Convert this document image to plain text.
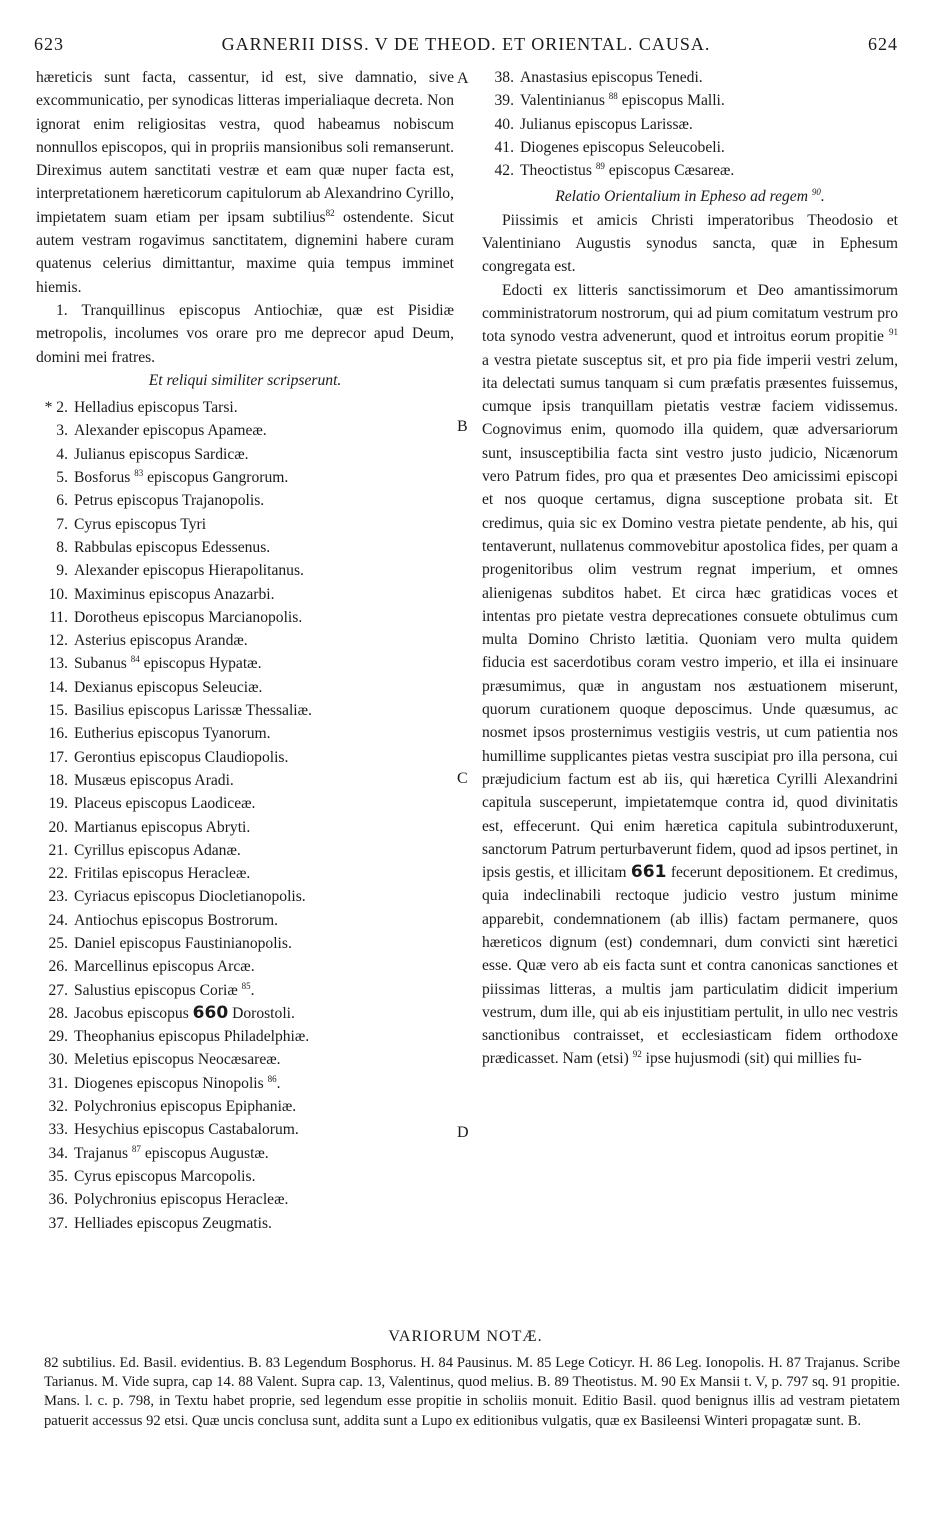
623	GARNERII DISS. V DE THEOD. ET ORIENTAL. CAUSA.	624
A
B
C
D

hæreticis sunt facta, cassentur, id est, sive damnatio, sive excommunicatio, per synodicas litteras imperialiaque decreta. Non ignorat enim religiositas vestra, quod habeamus nobiscum nonnullos episcopos, qui in propriis mansionibus soli remanserunt. Direximus autem sanctitati vestræ et eam quæ nuper facta est, interpretationem hæreticorum capitulorum ab Alexandrino Cyrillo, impietatem suam etiam per ipsam subtilius$^{82}$ ostendente. Sicut autem vestram rogavimus sanctitatem, dignemini habere curam quatenus celerius dimittantur, maxime quia tempus imminet hiemis.

1. Tranquillinus episcopus Antiochiæ, quæ est Pisidiæ metropolis, incolumes vos orare pro me deprecor apud Deum, domini mei fratres.

Et reliqui similiter scripserunt.

* 2. Helladius episcopus Tarsi.
3. Alexander episcopus Apameæ.
4. Julianus episcopus Sardicæ.
5. Bosforus $^{83}$ episcopus Gangrorum.
6. Petrus episcopus Trajanopolis.
7. Cyrus episcopus Tyri
8. Rabbulas episcopus Edessenus.
9. Alexander episcopus Hierapolitanus.
10. Maximinus episcopus Anazarbi.
11. Dorotheus episcopus Marcianopolis.
12. Asterius episcopus Arandæ.
13. Subanus $^{84}$ episcopus Hypatæ.
14. Dexianus episcopus Seleuciæ.
15. Basilius episcopus Larissæ Thessaliæ.
16. Eutherius episcopus Tyanorum.
17. Gerontius episcopus Claudiopolis.
18. Musæus episcopus Aradi.
19. Placeus episcopus Laodiceæ.
20. Martianus episcopus Abryti.
21. Cyrillus episcopus Adanæ.
22. Fritilas episcopus Heracleæ.
23. Cyriacus episcopus Diocletianopolis.
24. Antiochus episcopus Bostrorum.
25. Daniel episcopus Faustinianopolis.
26. Marcellinus episcopus Arcæ.
27. Salustius episcopus Coriæ $^{85}$.
28. Jacobus episcopus 660 Dorostoli.
29. Theophanius episcopus Philadelphiæ.
30. Meletius episcopus Neocæsareæ.
31. Diogenes episcopus Ninopolis $^{86}$.
32. Polychronius episcopus Epiphaniæ.
33. Hesychius episcopus Castabalorum.
34. Trajanus $^{87}$ episcopus Augustæ.
35. Cyrus episcopus Marcopolis.
36. Polychronius episcopus Heracleæ.
37. Helliades episcopus Zeugmatis.
38. Anastasius episcopus Tenedi.
39. Valentinianus $^{88}$ episcopus Malli.
40. Julianus episcopus Larissæ.
41. Diogenes episcopus Seleucobeli.
42. Theoctistus $^{89}$ episcopus Cæsareæ.

Relatio Orientalium in Epheso ad regem $^{90}$.

Piissimis et amicis Christi imperatoribus Theodosio et Valentiniano Augustis synodus sancta, quæ in Ephesum congregata est.

Edocti ex litteris sanctissimorum et Deo amantissimorum comministratorum nostrorum, qui ad pium comitatum vestrum pro tota synodo vestra advenerunt, quod et introitus eorum propitie $^{91}$ a vestra pietate susceptus sit, et pro pia fide imperii vestri zelum, ita delectati sumus tanquam si cum præfatis præsentes fuissemus, cumque ipsis tranquillam pietatis vestræ faciem vidissemus. Cognovimus enim, quomodo illa quidem, quæ adversariorum sunt, insusceptibilia facta sint vestro justo judicio, Nicænorum vero Patrum fides, pro qua et præsentes Deo amicissimi episcopi et nos quoque certamus, digna susceptione probata sit. Et credimus, quia sic ex Domino vestra pietate pendente, ab his, qui tentaverunt, nullatenus commovebitur apostolica fides, per quam a progenitoribus olim vestrum regnat imperium, et omnes alienigenas subditos habet. Et circa hæc gratidicas voces et intentas pro pietate vestra deprecationes consuete obtulimus cum multa Domino Christo lætitia. Quoniam vero multa quidem fiducia est sacerdotibus coram vestro imperio, et illa ei insinuare præsumimus, quæ in angustam nos æstuationem miserunt, quorum curationem quoque deposcimus. Unde quæsumus, ac nosmet ipsos prosternimus vestigiis vestris, ut cum patientia nos humillime supplicantes pietas vestra suscipiat pro illa persona, cui præjudicium factum est ab iis, qui hæretica Cyrilli Alexandrini capitula susceperunt, impietatemque contra id, quod divinitatis est, effecerunt. Qui enim hæretica capitula subintroduxerunt, sanctorum Patrum perturbaverunt fidem, quod ad ipsos pertinet, in ipsis gestis, et illicitam 661 fecerunt depositionem. Et credimus, quia indeclinabili rectoque judicio vestro justum minime apparebit, condemnationem (ab illis) factam permanere, quos hæreticos dignum (est) condemnari, dum convicti sint hæretici esse. Quæ vero ab eis facta sunt et contra canonicas sanctiones et piissimas litteras, a multis jam particulatim didicit imperium vestrum, dum ille, qui ab eis injustitiam pertulit, in ullo nec vestris sanctionibus contraisset, et ecclesiasticam fidem orthodoxe prædicasset. Nam (etsi) $^{92}$ ipse hujusmodi (sit) qui millies fu-

VARIORUM NOTÆ.

82 subtilius. Ed. Basil. evidentius. B. 83 Legendum Bosphorus. H. 84 Pausinus. M. 85 Lege Coticyr. H. 86 Leg. Ionopolis. H. 87 Trajanus. Scribe Tarianus. M. Vide supra, cap 14. 88 Valent. Supra cap. 13, Valentinus, quod melius. B. 89 Theotistus. M. 90 Ex Mansii t. V, p. 797 sq. 91 propitie. Mans. l. c. p. 798, in Textu habet proprie, sed legendum esse propitie in scholiis monuit. Editio Basil. quod benignus illis ad vestram pietatem patuerit accessus 92 etsi. Quæ uncis conclusa sunt, addita sunt a Lupo ex editionibus vulgatis, quæ ex Basileensi Winteri propagatæ sunt. B.
